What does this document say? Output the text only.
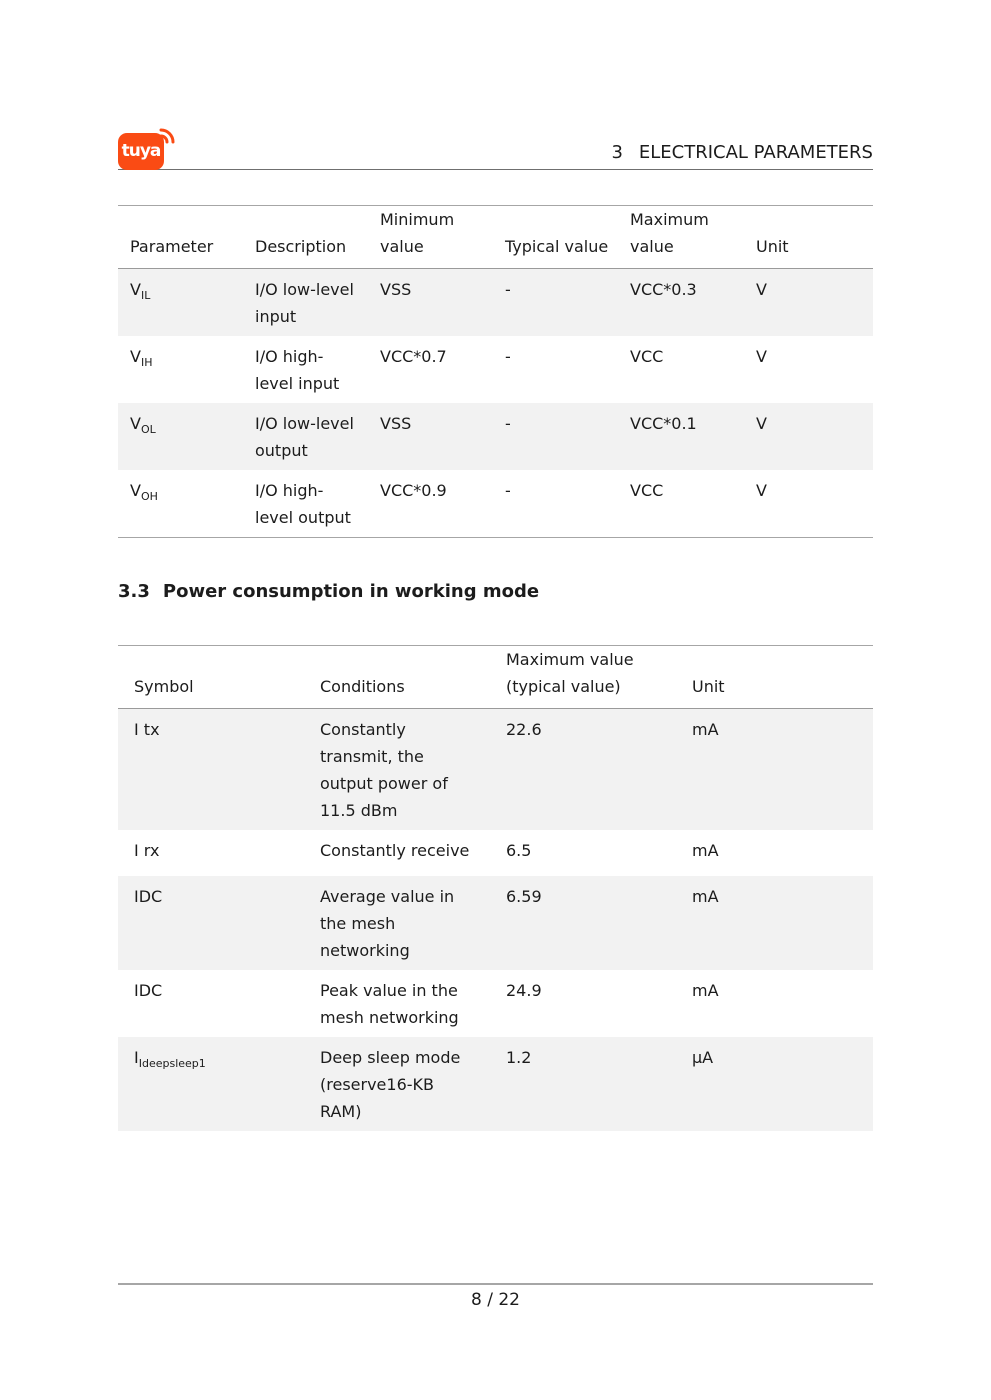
tuya	3 ELECTRICAL PARAMETERS
Parameter	Description	Minimum value	Typical value	Maximum value	Unit
$V_{IL}$	I/O low-level input	VSS	-	VCC*0.3	V
$V_{IH}$	I/O high-level input	VCC*0.7	-	VCC	V
$V_{OL}$	I/O low-level output	VSS	-	VCC*0.1	V
$V_{OH}$	I/O high-level output	VCC*0.9	-	VCC	V
3.3 Power consumption in working mode
Symbol	Conditions	Maximum value (typical value)	Unit
I tx	Constantly transmit, the output power of 11.5 dBm	22.6	mA
I rx	Constantly receive	6.5	mA
IDC	Average value in the mesh networking	6.59	mA
IDC	Peak value in the mesh networking	24.9	mA
$I_{Ideepsleep1}$	Deep sleep mode (reserve16-KB RAM)	1.2	μA
8 / 22
